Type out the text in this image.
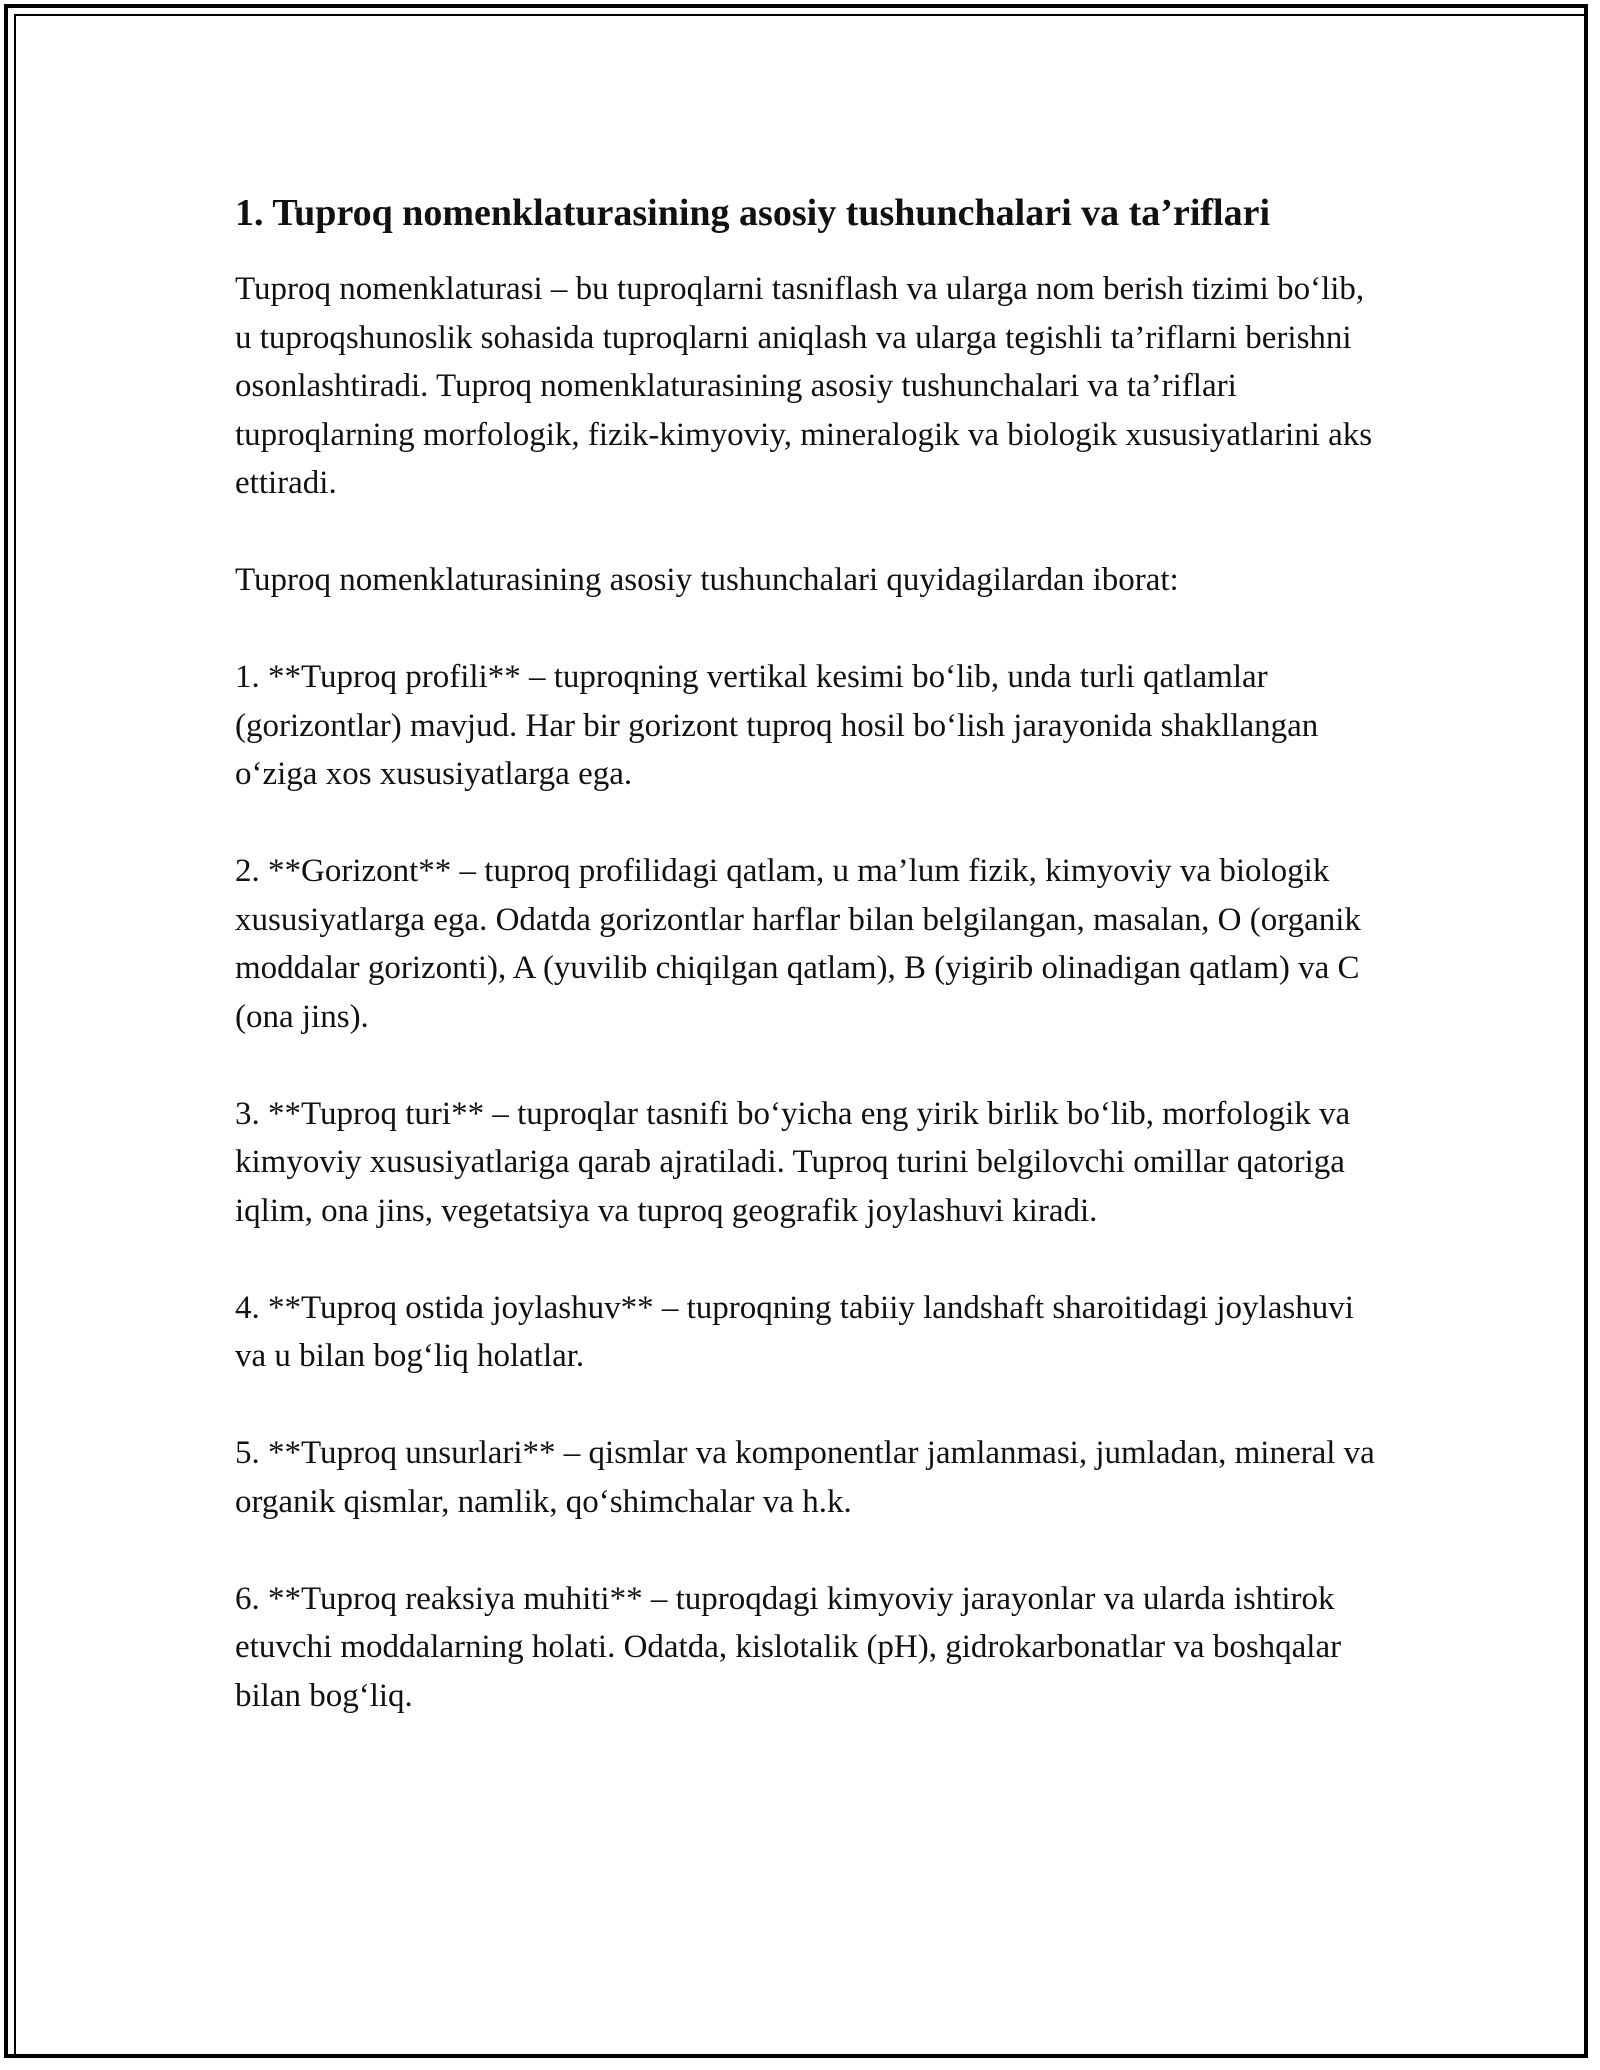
1. Tuproq nomenklaturasining asosiy tushunchalari va ta’riflari

Tuproq nomenklaturasi – bu tuproqlarni tasniflash va ularga nom berish tizimi bo‘lib, u tuproqshunoslik sohasida tuproqlarni aniqlash va ularga tegishli ta’riflarni berishni osonlashtiradi. Tuproq nomenklaturasining asosiy tushunchalari va ta’riflari tuproqlarning morfologik, fizik-kimyoviy, mineralogik va biologik xususiyatlarini aks ettiradi.

Tuproq nomenklaturasining asosiy tushunchalari quyidagilardan iborat:

1. **Tuproq profili** – tuproqning vertikal kesimi bo‘lib, unda turli qatlamlar (gorizontlar) mavjud. Har bir gorizont tuproq hosil bo‘lish jarayonida shakllangan o‘ziga xos xususiyatlarga ega.

2. **Gorizont** – tuproq profilidagi qatlam, u ma’lum fizik, kimyoviy va biologik xususiyatlarga ega. Odatda gorizontlar harflar bilan belgilangan, masalan, O (organik moddalar gorizonti), A (yuvilib chiqilgan qatlam), B (yigirib olinadigan qatlam) va C (ona jins).

3. **Tuproq turi** – tuproqlar tasnifi bo‘yicha eng yirik birlik bo‘lib, morfologik va kimyoviy xususiyatlariga qarab ajratiladi. Tuproq turini belgilovchi omillar qatoriga iqlim, ona jins, vegetatsiya va tuproq geografik joylashuvi kiradi.

4. **Tuproq ostida joylashuv** – tuproqning tabiiy landshaft sharoitidagi joylashuvi va u bilan bog‘liq holatlar.

5. **Tuproq unsurlari** – qismlar va komponentlar jamlanmasi, jumladan, mineral va organik qismlar, namlik, qo‘shimchalar va h.k.

6. **Tuproq reaksiya muhiti** – tuproqdagi kimyoviy jarayonlar va ularda ishtirok etuvchi moddalarning holati. Odatda, kislotalik (pH), gidrokarbonatlar va boshqalar bilan bog‘liq.
